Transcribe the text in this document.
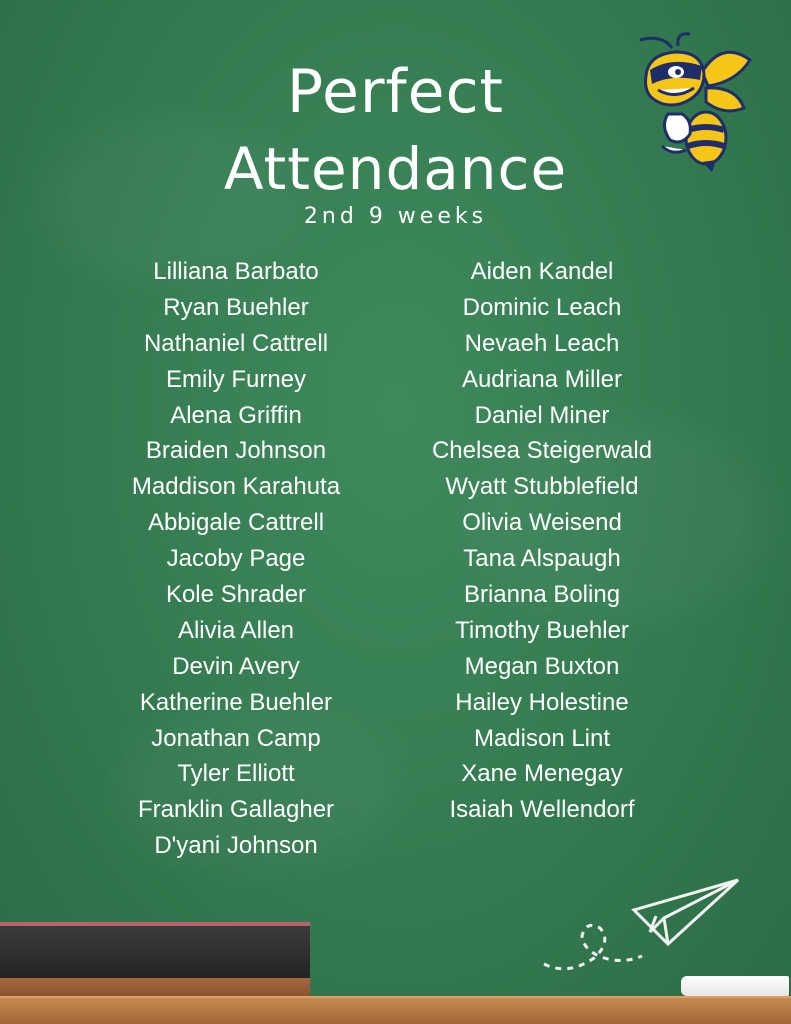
Perfect
Attendance
2nd 9 weeks
Lilliana Barbato
Ryan Buehler
Nathaniel Cattrell
Emily Furney
Alena Griffin
Braiden Johnson
Maddison Karahuta
Abbigale Cattrell
Jacoby Page
Kole Shrader
Alivia Allen
Devin Avery
Katherine Buehler
Jonathan Camp
Tyler Elliott
Franklin Gallagher
D'yani Johnson
Aiden Kandel
Dominic Leach
Nevaeh Leach
Audriana Miller
Daniel Miner
Chelsea Steigerwald
Wyatt Stubblefield
Olivia Weisend
Tana Alspaugh
Brianna Boling
Timothy Buehler
Megan Buxton
Hailey Holestine
Madison Lint
Xane Menegay
Isaiah Wellendorf
